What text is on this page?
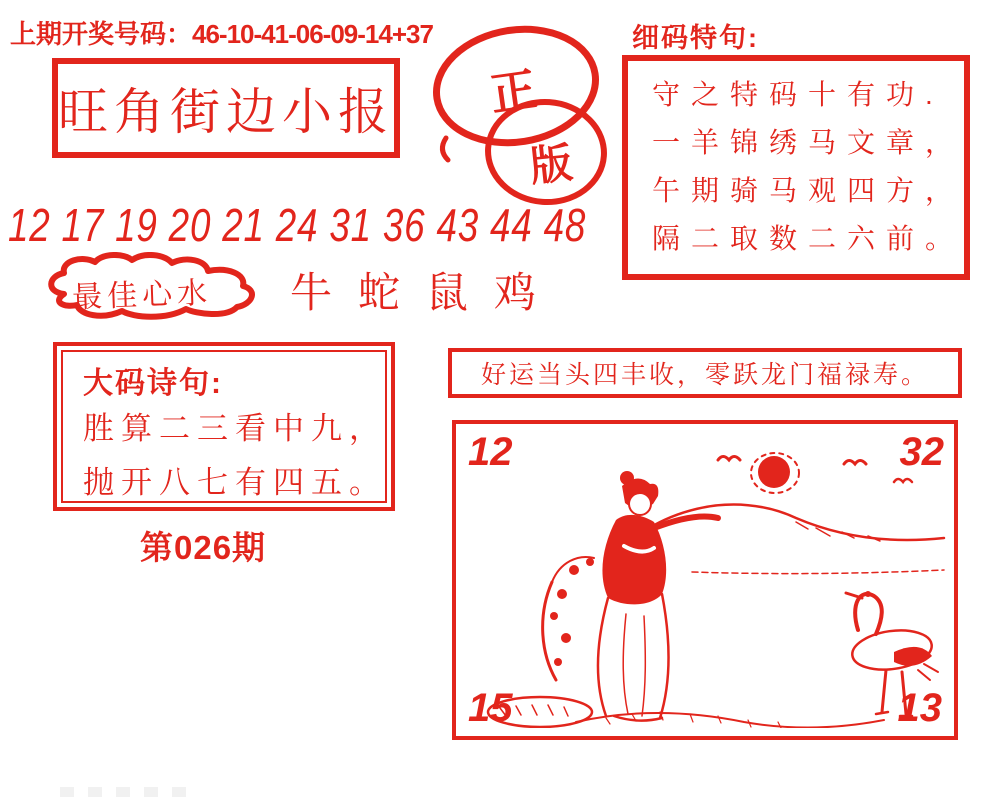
上期开奖号码：46-10-41-06-09-14+37
旺角街边小报 正
版
细码特句:
守之特码十有功.
一羊锦绣马文章，
午期骑马观四方，
隔二取数二六前。
12 17 19 20 21 24 31 36 43 44 48
最佳心水 牛蛇鼠鸡
大码诗句:
胜算二三看中九，
抛开八七有四五。
第026期
好运当头四丰收，零跃龙门福禄寿。
12	32
15	13
